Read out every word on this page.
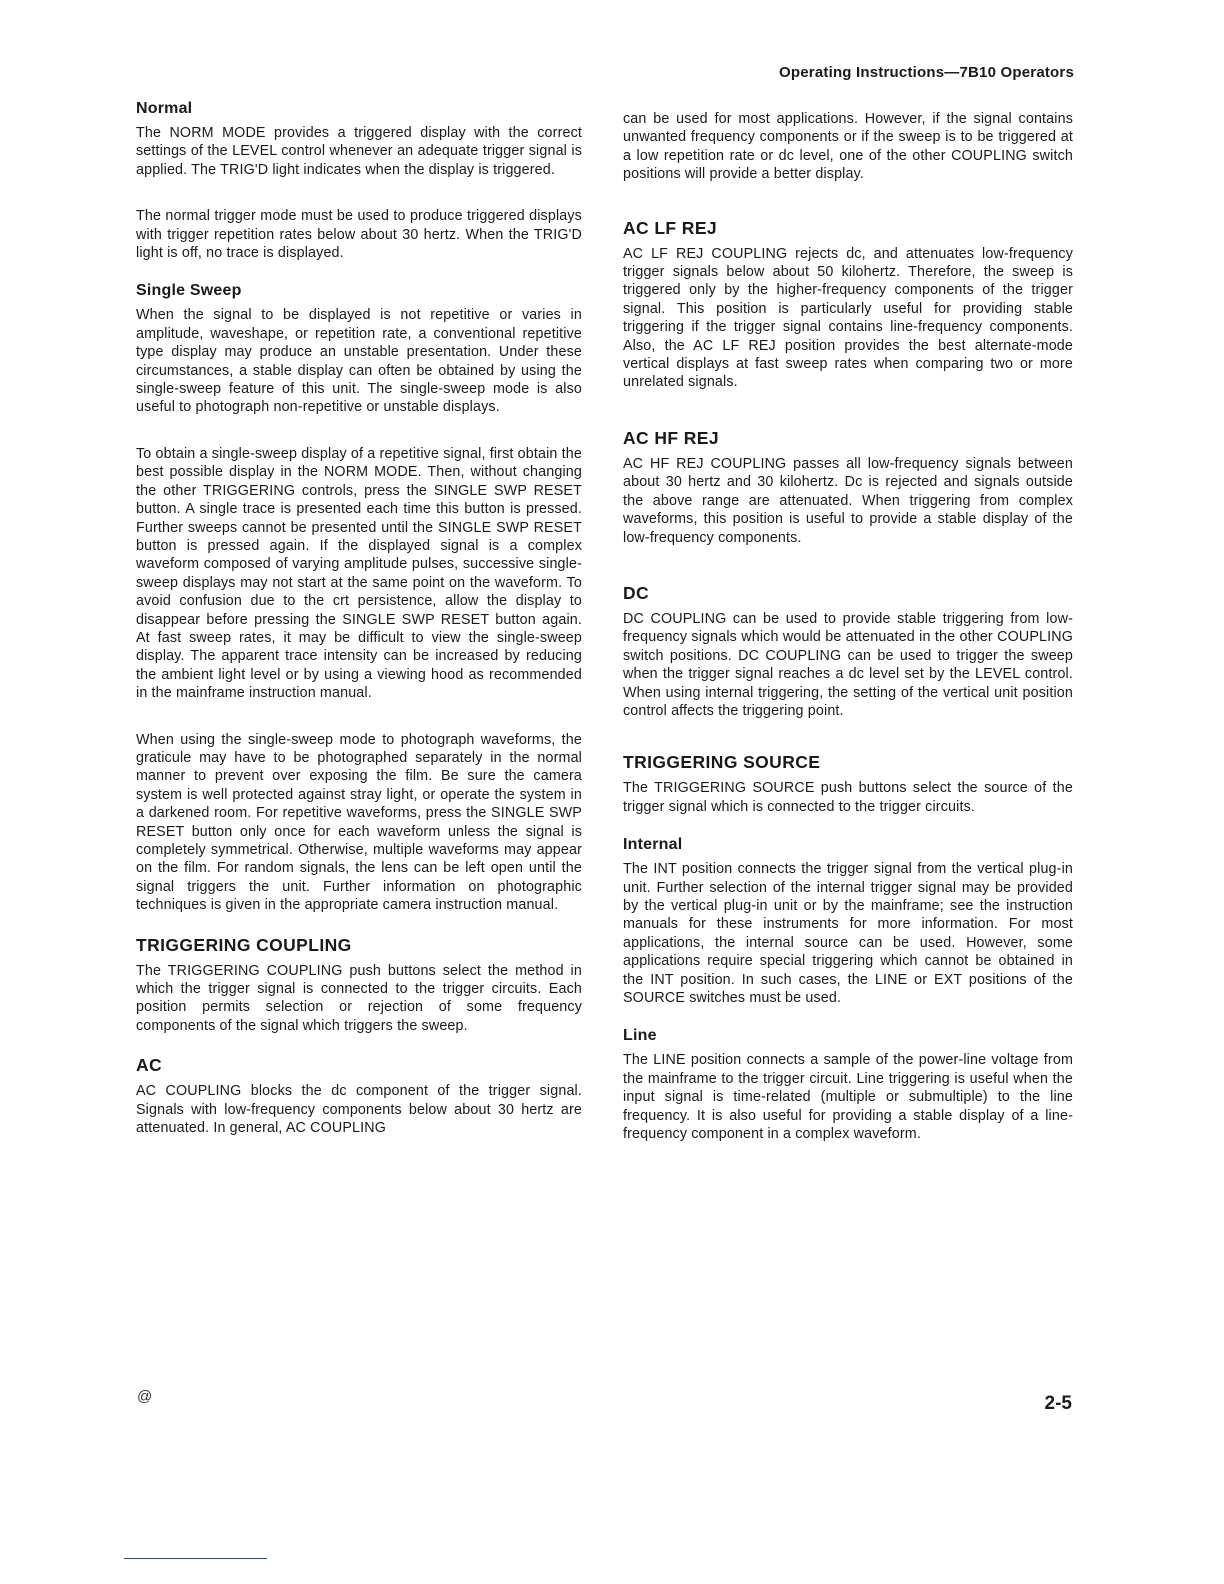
Operating Instructions—7B10 Operators
Normal

The NORM MODE provides a triggered display with the correct settings of the LEVEL control whenever an adequate trigger signal is applied. The TRIG'D light indicates when the display is triggered.

The normal trigger mode must be used to produce triggered displays with trigger repetition rates below about 30 hertz. When the TRIG'D light is off, no trace is displayed.

Single Sweep

When the signal to be displayed is not repetitive or varies in amplitude, waveshape, or repetition rate, a conventional repetitive type display may produce an unstable presentation. Under these circumstances, a stable display can often be obtained by using the single-sweep feature of this unit. The single-sweep mode is also useful to photograph non-repetitive or unstable displays.

To obtain a single-sweep display of a repetitive signal, first obtain the best possible display in the NORM MODE. Then, without changing the other TRIGGERING controls, press the SINGLE SWP RESET button. A single trace is presented each time this button is pressed. Further sweeps cannot be presented until the SINGLE SWP RESET button is pressed again. If the displayed signal is a complex waveform composed of varying amplitude pulses, successive single-sweep displays may not start at the same point on the waveform. To avoid confusion due to the crt persistence, allow the display to disappear before pressing the SINGLE SWP RESET button again. At fast sweep rates, it may be difficult to view the single-sweep display. The apparent trace intensity can be increased by reducing the ambient light level or by using a viewing hood as recommended in the mainframe instruction manual.

When using the single-sweep mode to photograph waveforms, the graticule may have to be photographed separately in the normal manner to prevent over exposing the film. Be sure the camera system is well protected against stray light, or operate the system in a darkened room. For repetitive waveforms, press the SINGLE SWP RESET button only once for each waveform unless the signal is completely symmetrical. Otherwise, multiple waveforms may appear on the film. For random signals, the lens can be left open until the signal triggers the unit. Further information on photographic techniques is given in the appropriate camera instruction manual.

TRIGGERING COUPLING

The TRIGGERING COUPLING push buttons select the method in which the trigger signal is connected to the trigger circuits. Each position permits selection or rejection of some frequency components of the signal which triggers the sweep.

AC

AC COUPLING blocks the dc component of the trigger signal. Signals with low-frequency components below about 30 hertz are attenuated. In general, AC COUPLING

can be used for most applications. However, if the signal contains unwanted frequency components or if the sweep is to be triggered at a low repetition rate or dc level, one of the other COUPLING switch positions will provide a better display.

AC LF REJ

AC LF REJ COUPLING rejects dc, and attenuates low-frequency trigger signals below about 50 kilohertz. Therefore, the sweep is triggered only by the higher-frequency components of the trigger signal. This position is particularly useful for providing stable triggering if the trigger signal contains line-frequency components. Also, the AC LF REJ position provides the best alternate-mode vertical displays at fast sweep rates when comparing two or more unrelated signals.

AC HF REJ

AC HF REJ COUPLING passes all low-frequency signals between about 30 hertz and 30 kilohertz. Dc is rejected and signals outside the above range are attenuated. When triggering from complex waveforms, this position is useful to provide a stable display of the low-frequency components.

DC

DC COUPLING can be used to provide stable triggering from low-frequency signals which would be attenuated in the other COUPLING switch positions. DC COUPLING can be used to trigger the sweep when the trigger signal reaches a dc level set by the LEVEL control. When using internal triggering, the setting of the vertical unit position control affects the triggering point.

TRIGGERING SOURCE

The TRIGGERING SOURCE push buttons select the source of the trigger signal which is connected to the trigger circuits.

Internal

The INT position connects the trigger signal from the vertical plug-in unit. Further selection of the internal trigger signal may be provided by the vertical plug-in unit or by the mainframe; see the instruction manuals for these instruments for more information. For most applications, the internal source can be used. However, some applications require special triggering which cannot be obtained in the INT position. In such cases, the LINE or EXT positions of the SOURCE switches must be used.

Line

The LINE position connects a sample of the power-line voltage from the mainframe to the trigger circuit. Line triggering is useful when the input signal is time-related (multiple or submultiple) to the line frequency. It is also useful for providing a stable display of a line-frequency component in a complex waveform.

@	2-5
